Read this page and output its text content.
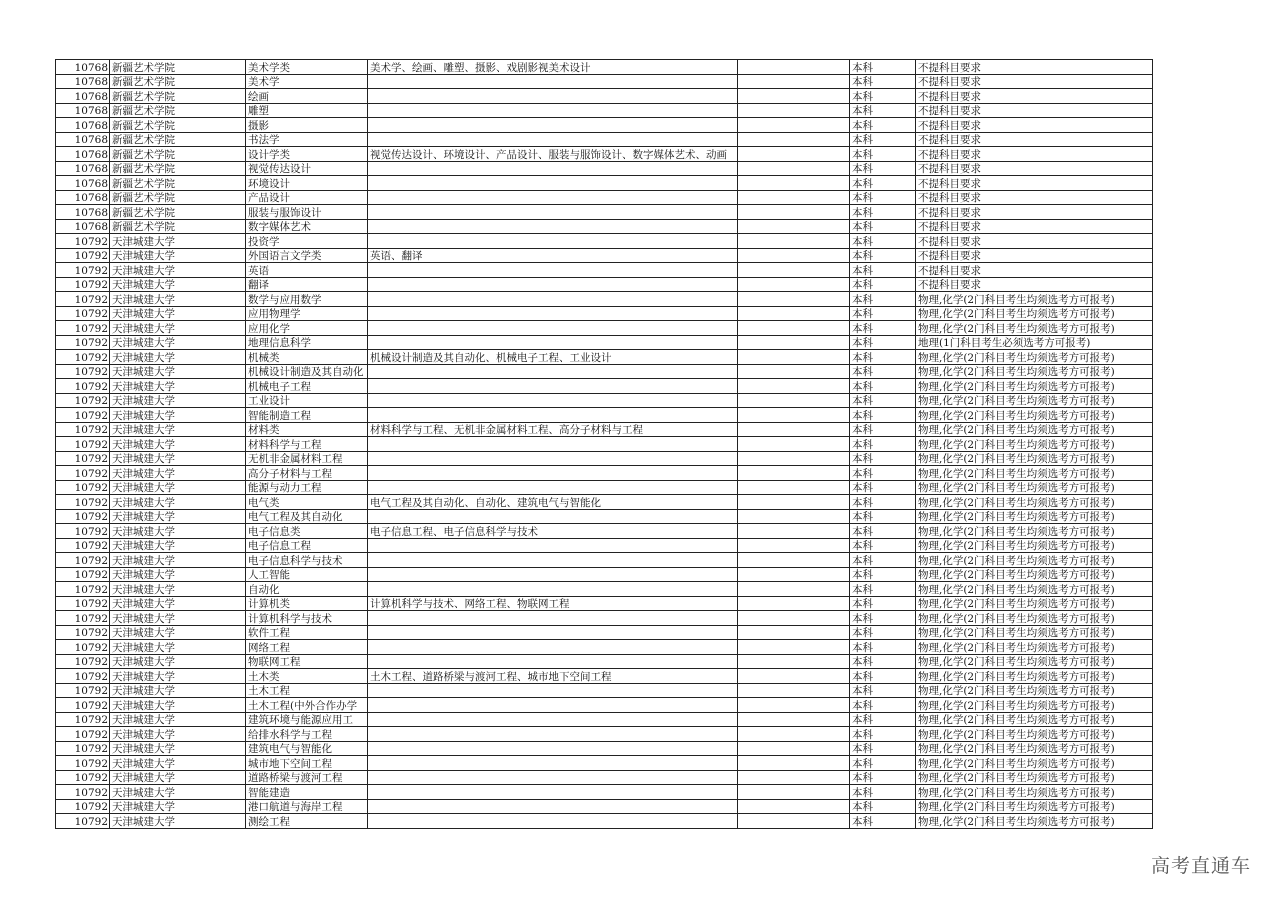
10768	新疆艺术学院	美术学类	美术学、绘画、雕塑、摄影、戏剧影视美术设计		本科	不提科目要求
10768	新疆艺术学院	美术学			本科	不提科目要求
10768	新疆艺术学院	绘画			本科	不提科目要求
10768	新疆艺术学院	雕塑			本科	不提科目要求
10768	新疆艺术学院	摄影			本科	不提科目要求
10768	新疆艺术学院	书法学			本科	不提科目要求
10768	新疆艺术学院	设计学类	视觉传达设计、环境设计、产品设计、服装与服饰设计、数字媒体艺术、动画		本科	不提科目要求
10768	新疆艺术学院	视觉传达设计			本科	不提科目要求
10768	新疆艺术学院	环境设计			本科	不提科目要求
10768	新疆艺术学院	产品设计			本科	不提科目要求
10768	新疆艺术学院	服装与服饰设计			本科	不提科目要求
10768	新疆艺术学院	数字媒体艺术			本科	不提科目要求
10792	天津城建大学	投资学			本科	不提科目要求
10792	天津城建大学	外国语言文学类	英语、翻译		本科	不提科目要求
10792	天津城建大学	英语			本科	不提科目要求
10792	天津城建大学	翻译			本科	不提科目要求
10792	天津城建大学	数学与应用数学			本科	物理,化学(2门科目考生均须选考方可报考)
10792	天津城建大学	应用物理学			本科	物理,化学(2门科目考生均须选考方可报考)
10792	天津城建大学	应用化学			本科	物理,化学(2门科目考生均须选考方可报考)
10792	天津城建大学	地理信息科学			本科	地理(1门科目考生必须选考方可报考)
10792	天津城建大学	机械类	机械设计制造及其自动化、机械电子工程、工业设计		本科	物理,化学(2门科目考生均须选考方可报考)
10792	天津城建大学	机械设计制造及其自动化			本科	物理,化学(2门科目考生均须选考方可报考)
10792	天津城建大学	机械电子工程			本科	物理,化学(2门科目考生均须选考方可报考)
10792	天津城建大学	工业设计			本科	物理,化学(2门科目考生均须选考方可报考)
10792	天津城建大学	智能制造工程			本科	物理,化学(2门科目考生均须选考方可报考)
10792	天津城建大学	材料类	材料科学与工程、无机非金属材料工程、高分子材料与工程		本科	物理,化学(2门科目考生均须选考方可报考)
10792	天津城建大学	材料科学与工程			本科	物理,化学(2门科目考生均须选考方可报考)
10792	天津城建大学	无机非金属材料工程			本科	物理,化学(2门科目考生均须选考方可报考)
10792	天津城建大学	高分子材料与工程			本科	物理,化学(2门科目考生均须选考方可报考)
10792	天津城建大学	能源与动力工程			本科	物理,化学(2门科目考生均须选考方可报考)
10792	天津城建大学	电气类	电气工程及其自动化、自动化、建筑电气与智能化		本科	物理,化学(2门科目考生均须选考方可报考)
10792	天津城建大学	电气工程及其自动化			本科	物理,化学(2门科目考生均须选考方可报考)
10792	天津城建大学	电子信息类	电子信息工程、电子信息科学与技术		本科	物理,化学(2门科目考生均须选考方可报考)
10792	天津城建大学	电子信息工程			本科	物理,化学(2门科目考生均须选考方可报考)
10792	天津城建大学	电子信息科学与技术			本科	物理,化学(2门科目考生均须选考方可报考)
10792	天津城建大学	人工智能			本科	物理,化学(2门科目考生均须选考方可报考)
10792	天津城建大学	自动化			本科	物理,化学(2门科目考生均须选考方可报考)
10792	天津城建大学	计算机类	计算机科学与技术、网络工程、物联网工程		本科	物理,化学(2门科目考生均须选考方可报考)
10792	天津城建大学	计算机科学与技术			本科	物理,化学(2门科目考生均须选考方可报考)
10792	天津城建大学	软件工程			本科	物理,化学(2门科目考生均须选考方可报考)
10792	天津城建大学	网络工程			本科	物理,化学(2门科目考生均须选考方可报考)
10792	天津城建大学	物联网工程			本科	物理,化学(2门科目考生均须选考方可报考)
10792	天津城建大学	土木类	土木工程、道路桥梁与渡河工程、城市地下空间工程		本科	物理,化学(2门科目考生均须选考方可报考)
10792	天津城建大学	土木工程			本科	物理,化学(2门科目考生均须选考方可报考)
10792	天津城建大学	土木工程(中外合作办学			本科	物理,化学(2门科目考生均须选考方可报考)
10792	天津城建大学	建筑环境与能源应用工			本科	物理,化学(2门科目考生均须选考方可报考)
10792	天津城建大学	给排水科学与工程			本科	物理,化学(2门科目考生均须选考方可报考)
10792	天津城建大学	建筑电气与智能化			本科	物理,化学(2门科目考生均须选考方可报考)
10792	天津城建大学	城市地下空间工程			本科	物理,化学(2门科目考生均须选考方可报考)
10792	天津城建大学	道路桥梁与渡河工程			本科	物理,化学(2门科目考生均须选考方可报考)
10792	天津城建大学	智能建造			本科	物理,化学(2门科目考生均须选考方可报考)
10792	天津城建大学	港口航道与海岸工程			本科	物理,化学(2门科目考生均须选考方可报考)
10792	天津城建大学	测绘工程			本科	物理,化学(2门科目考生均须选考方可报考)
高考直通车
